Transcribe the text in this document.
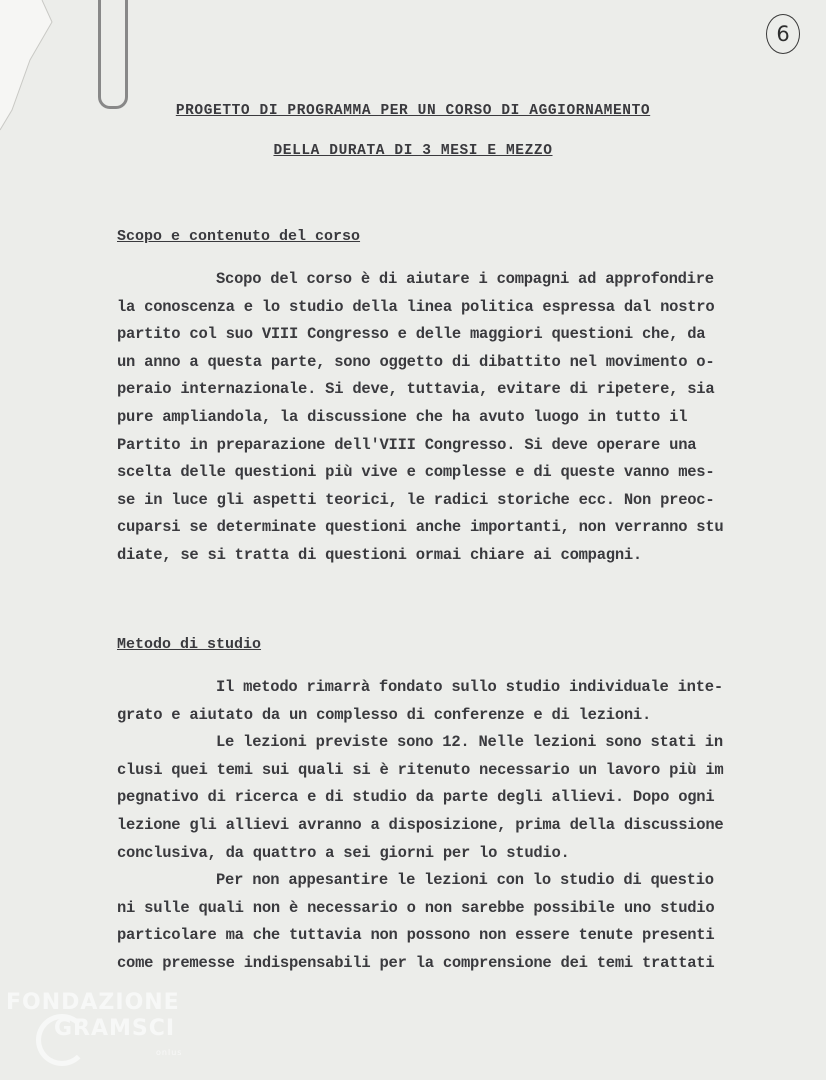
6
PROGETTO DI PROGRAMMA PER UN CORSO DI AGGIORNAMENTO
DELLA DURATA DI 3 MESI E MEZZO
Scopo e contenuto del corso
Scopo del corso è di aiutare i compagni ad approfondire
la conoscenza e lo studio della linea politica espressa dal nostro
partito col suo VIII Congresso e delle maggiori questioni che, da
un anno a questa parte, sono oggetto di dibattito nel movimento o-
peraio internazionale. Si deve, tuttavia, evitare di ripetere, sia
pure ampliandola, la discussione che ha avuto luogo in tutto il
Partito in preparazione dell'VIII Congresso. Si deve operare una
scelta delle questioni più vive e complesse e di queste vanno mes-
se in luce gli aspetti teorici, le radici storiche ecc. Non preoc-
cuparsi se determinate questioni anche importanti, non verranno stu
diate, se si tratta di questioni ormai chiare ai compagni.
Metodo di studio
Il metodo rimarrà fondato sullo studio individuale inte-
grato e aiutato da un complesso di conferenze e di lezioni.
Le lezioni previste sono 12. Nelle lezioni sono stati in
clusi quei temi sui quali si è ritenuto necessario un lavoro più im
pegnativo di ricerca e di studio da parte degli allievi. Dopo ogni
lezione gli allievi avranno a disposizione, prima della discussione
conclusiva, da quattro a sei giorni per lo studio.
Per non appesantire le lezioni con lo studio di questio
ni sulle quali non è necessario o non sarebbe possibile uno studio
particolare ma che tuttavia non possono non essere tenute presenti
come premesse indispensabili per la comprensione dei temi trattati
FONDAZIONE
GRAMSCI
onlus
